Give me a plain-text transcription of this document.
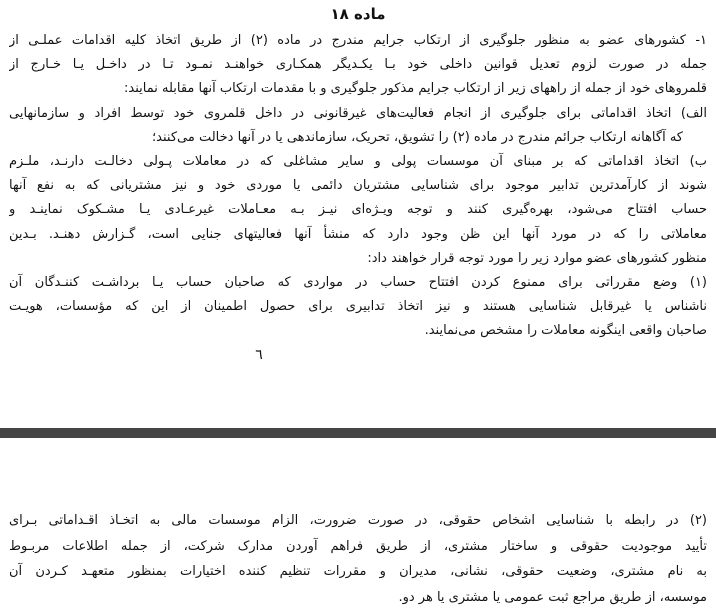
ماده ١٨
١- کشورهای عضو به منظور جلوگیری از ارتکاب جرایم مندرج در ماده (٢) از طریق اتخاذ کلیه اقدامات عملـی از
جمله در صورت لزوم تعدیل قوانین داخلی خود بـا یکـدیگر همکـاری خواهنـد نمـود تـا در داخـل یـا خـارج از
قلمروهای خود از جمله از راههای زیر از ارتکاب جرایم مذکور جلوگیری و با مقدمات ارتکاب آنها مقابله نمایند:
الف) اتخاذ اقداماتی برای جلوگیری از انجام فعالیت‌های غیرقانونی در داخل قلمروی خود توسط افراد و سازمانهایی
که آگاهانه ارتکاب جرائم مندرج در ماده (٢) را تشویق، تحریک، سازماندهی یا در آنها دخالت می‌کنند؛
ب) اتخاذ اقداماتی که بر مبنای آن موسسات پولی و سایر مشاغلی که در معاملات پـولی دخالـت دارنـد، ملـزم
شوند از کارآمدترین تدابیر موجود برای شناسایی مشتریان دائمی یا موردی خود و نیز مشتریانی که به نفع آنها
حساب افتتاح می‌شود، بهره‌گیری کنند و توجه ویـژه‌ای نیـز بـه معـاملات غیرعـادی یـا مشـکوک نماینـد و
معاملاتی را که در مورد آنها این ظن وجود دارد که منشأ آنها فعالیتهای جنایی است، گـزارش دهنـد. بـدین
منظور کشورهای عضو موارد زیر را مورد توجه قرار خواهند داد:
(١) وضع مقرراتی برای ممنوع کردن افتتاح حساب در مواردی که صاحبان حساب یـا برداشـت کننـدگان آن
ناشناس یا غیرقابل شناسایی هستند و نیز اتخاذ تدابیری برای حصول اطمینان از این که مؤسسات، هویـت
صاحبان واقعی اینگونه معاملات را مشخص می‌نمایند.
٦
(٢) در رابطه با شناسایی اشخاص حقوقی، در صورت ضرورت، الزام موسسات مالی به اتخـاذ اقـداماتی بـرای
تأیید موجودیت حقوقی و ساختار مشتری، از طریق فراهم آوردن مدارک شرکت، از جمله اطلاعات مربـوط
به نام مشتری، وضعیت حقوقی، نشانی، مدیران و مقررات تنظیم کننده اختیارات بمنظور متعهـد کـردن آن
موسسه، از طریق مراجع ثبت عمومی یا مشتری یا هر دو.
